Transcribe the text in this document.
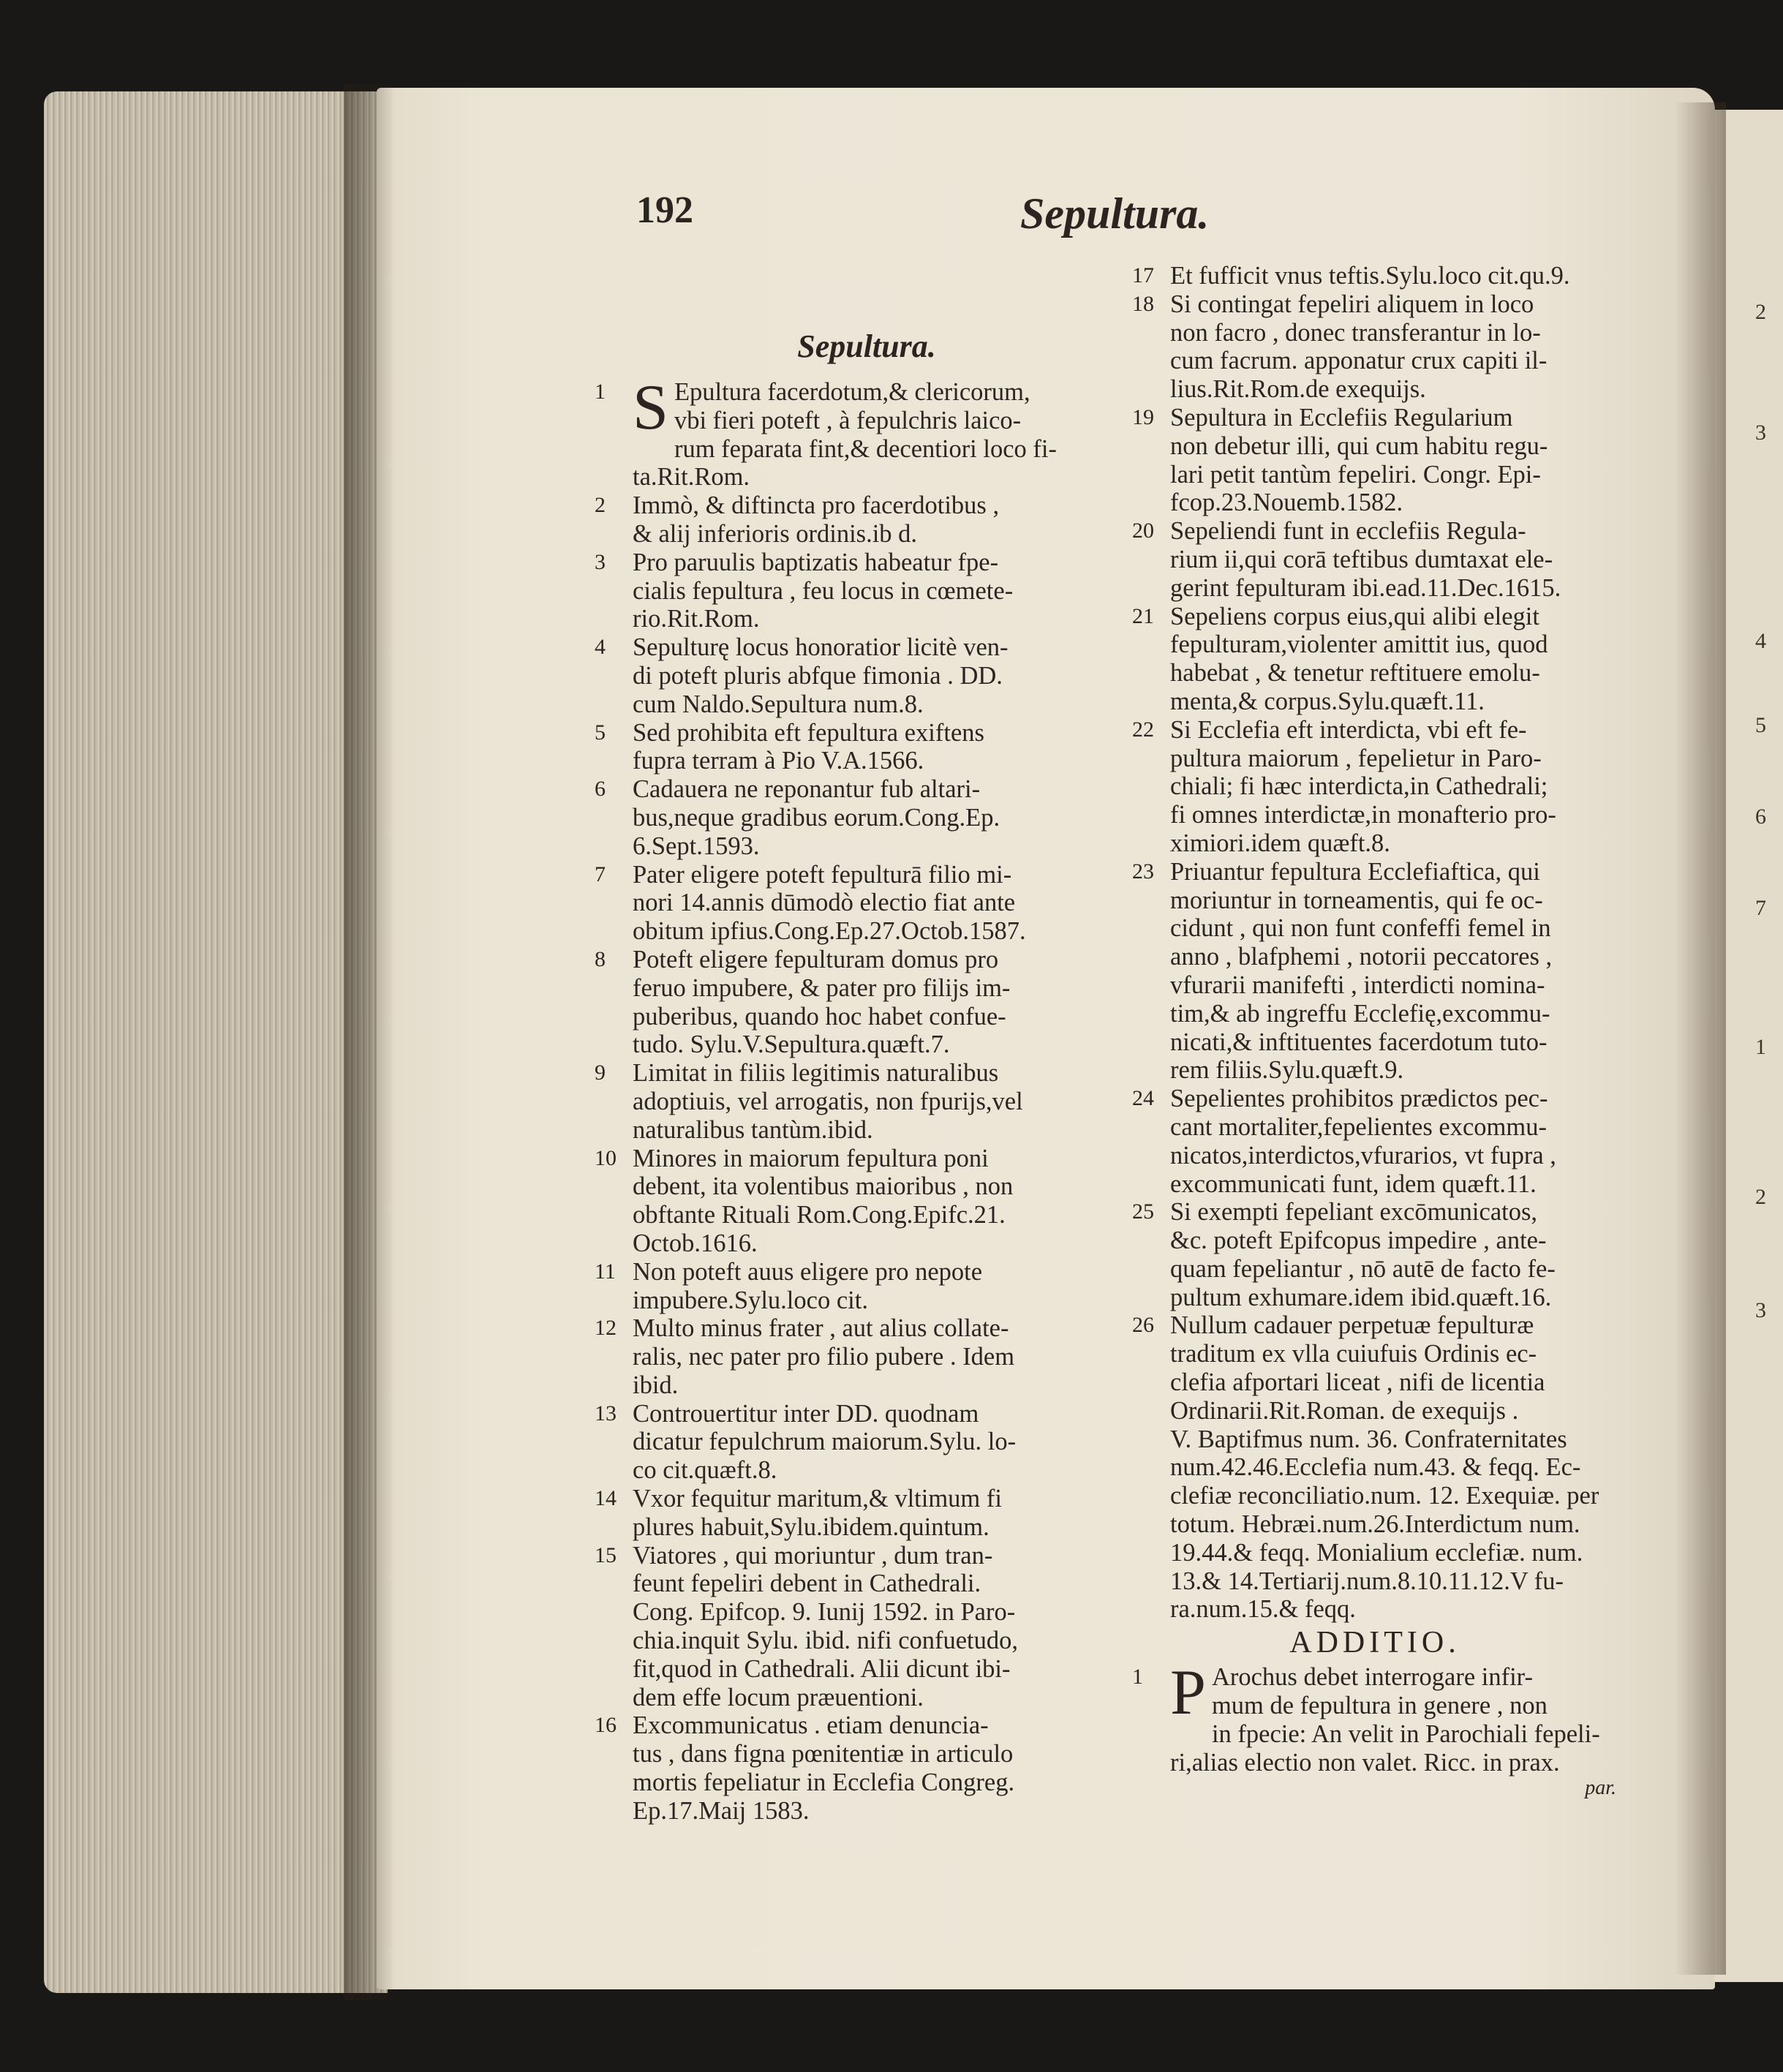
2
3
4
5
6
7
1
2
3
192	Sepultura.
Sepultura.
1 S Epultura facerdotum,& clericorum,
vbi fieri poteft , à fepulchris laico-
rum feparata fint,& decentiori loco fi-
ta.Rit.Rom.
2	Immò, & diftincta pro facerdotibus ,
& alij inferioris ordinis.ib d.
3	Pro paruulis baptizatis habeatur fpe-
cialis fepultura , feu locus in cœmete-
rio.Rit.Rom.
4	Sepulturę locus honoratior licitè ven-
di poteft pluris abfque fimonia . DD.
cum Naldo.Sepultura num.8.
5	Sed prohibita eft fepultura exiftens
fupra terram à Pio V.A.1566.
6	Cadauera ne reponantur fub altari-
bus,neque gradibus eorum.Cong.Ep.
6.Sept.1593.
7	Pater eligere poteft fepulturā filio mi-
nori 14.annis dūmodò electio fiat ante
obitum ipfius.Cong.Ep.27.Octob.1587.
8	Poteft eligere fepulturam domus pro
feruo impubere, & pater pro filijs im-
puberibus, quando hoc habet confue-
tudo. Sylu.V.Sepultura.quæft.7.
9	Limitat in filiis legitimis naturalibus
adoptiuis, vel arrogatis, non fpurijs,vel
naturalibus tantùm.ibid.
10 Minores in maiorum fepultura poni
debent, ita volentibus maioribus , non
obftante Rituali Rom.Cong.Epifc.21.
Octob.1616.
11 Non poteft auus eligere pro nepote
impubere.Sylu.loco cit.
12 Multo minus frater , aut alius collate-
ralis, nec pater pro filio pubere . Idem
ibid.
13 Controuertitur inter DD. quodnam
dicatur fepulchrum maiorum.Sylu. lo-
co cit.quæft.8.
14 Vxor fequitur maritum,& vltimum fi
plures habuit,Sylu.ibidem.quintum.
15 Viatores , qui moriuntur , dum tran-
feunt fepeliri debent in Cathedrali.
Cong. Epifcop. 9. Iunij 1592. in Paro-
chia.inquit Sylu. ibid. nifi confuetudo,
fit,quod in Cathedrali. Alii dicunt ibi-
dem effe locum præuentioni.
16 Excommunicatus . etiam denuncia-
tus , dans figna pœnitentiæ in articulo
mortis fepeliatur in Ecclefia Congreg.
Ep.17.Maij 1583.
17 Et fufficit vnus teftis.Sylu.loco cit.qu.9.
18 Si contingat fepeliri aliquem in loco
non facro , donec transferantur in lo-
cum facrum. apponatur crux capiti il-
lius.Rit.Rom.de exequijs.
19 Sepultura in Ecclefiis Regularium
non debetur illi, qui cum habitu regu-
lari petit tantùm fepeliri. Congr. Epi-
fcop.23.Nouemb.1582.
20 Sepeliendi funt in ecclefiis Regula-
rium ii,qui corā teftibus dumtaxat ele-
gerint fepulturam ibi.ead.11.Dec.1615.
21 Sepeliens corpus eius,qui alibi elegit
fepulturam,violenter amittit ius, quod
habebat , & tenetur reftituere emolu-
menta,& corpus.Sylu.quæft.11.
22 Si Ecclefia eft interdicta, vbi eft fe-
pultura maiorum , fepelietur in Paro-
chiali; fi hæc interdicta,in Cathedrali;
fi omnes interdictæ,in monafterio pro-
ximiori.idem quæft.8.
23 Priuantur fepultura Ecclefiaftica, qui
moriuntur in torneamentis, qui fe oc-
cidunt , qui non funt confeffi femel in
anno , blafphemi , notorii peccatores ,
vfurarii manifefti , interdicti nomina-
tim,& ab ingreffu Ecclefię,excommu-
nicati,& inftituentes facerdotum tuto-
rem filiis.Sylu.quæft.9.
24 Sepelientes prohibitos prædictos pec-
cant mortaliter,fepelientes excommu-
nicatos,interdictos,vfurarios, vt fupra ,
excommunicati funt, idem quæft.11.
25 Si exempti fepeliant excōmunicatos,
&c. poteft Epifcopus impedire , ante-
quam fepeliantur , nō autē de facto fe-
pultum exhumare.idem ibid.quæft.16.
26 Nullum cadauer perpetuæ fepulturæ
traditum ex vlla cuiufuis Ordinis ec-
clefia afportari liceat , nifi de licentia
Ordinarii.Rit.Roman. de exequijs .
V. Baptifmus num. 36. Confraternitates
num.42.46.Ecclefia num.43. & feqq. Ec-
clefiæ reconciliatio.num. 12. Exequiæ. per
totum. Hebræi.num.26.Interdictum num.
19.44.& feqq. Monialium ecclefiæ. num.
13.& 14.Tertiarij.num.8.10.11.12.V fu-
ra.num.15.& feqq.
ADDITIO.
1 P Arochus debet interrogare infir-
mum de fepultura in genere , non
in fpecie: An velit in Parochiali fepeli-
ri,alias electio non valet. Ricc. in prax.
par.
